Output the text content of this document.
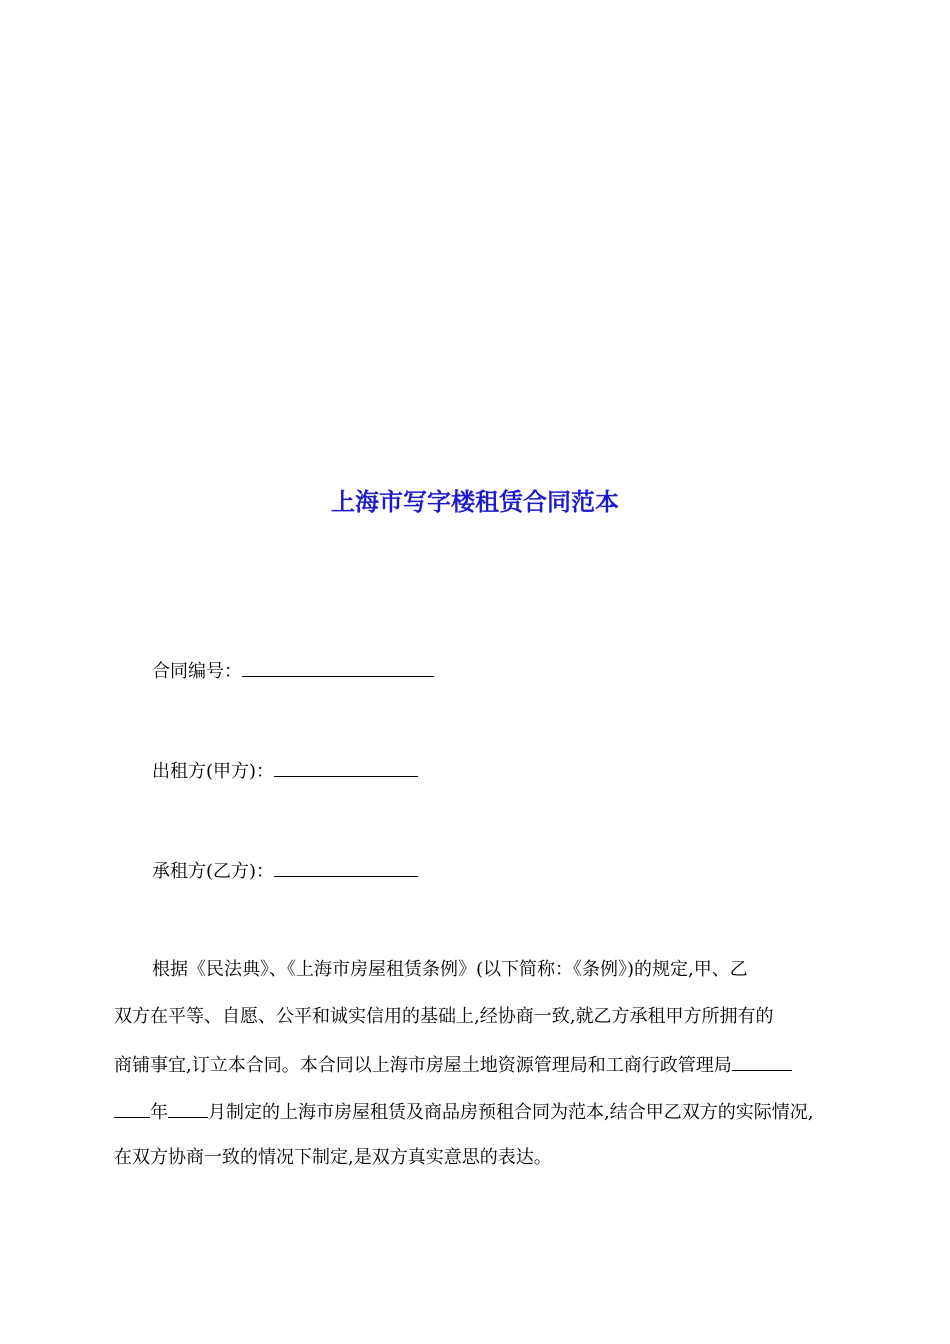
上海市写字楼租赁合同范本
合同编号：
出租方(甲方)：
承租方(乙方)：
根据《民法典》、《上海市房屋租赁条例》(以下简称：《条例》)的规定,甲、乙
双方在平等、自愿、公平和诚实信用的基础上,经协商一致,就乙方承租甲方所拥有的
商铺事宜,订立本合同。本合同以上海市房屋土地资源管理局和工商行政管理局
年 月制定的上海市房屋租赁及商品房预租合同为范本,结合甲乙双方的实际情况,
在双方协商一致的情况下制定,是双方真实意思的表达。
